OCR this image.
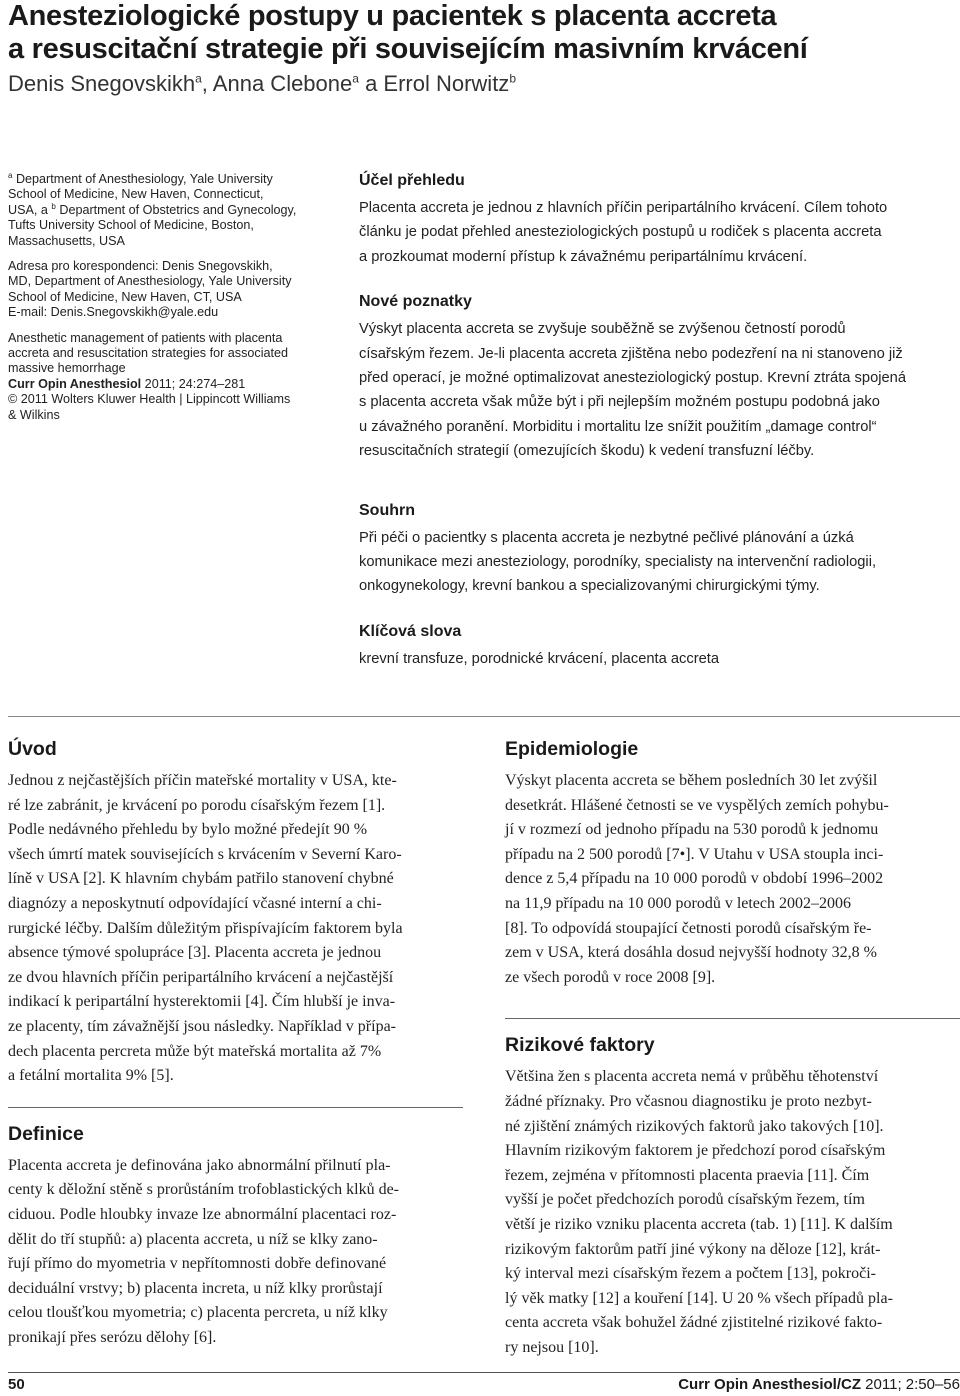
Anesteziologické postupy u pacientek s placenta accreta
a resuscitační strategie při souvisejícím masivním krvácení
Denis Snegovskikh$^a$, Anna Clebone$^a$ a Errol Norwitz$^b$
$^a$ Department of Anesthesiology, Yale University
School of Medicine, New Haven, Connecticut,
USA, a $^b$ Department of Obstetrics and Gynecology,
Tufts University School of Medicine, Boston,
Massachusetts, USA
Adresa pro korespondenci: Denis Snegovskikh,
MD, Department of Anesthesiology, Yale University
School of Medicine, New Haven, CT, USA
E-mail: Denis.Snegovskikh@yale.edu
Anesthetic management of patients with placenta
accreta and resuscitation strategies for associated
massive hemorrhage
Curr Opin Anesthesiol 2011; 24:274–281
© 2011 Wolters Kluwer Health | Lippincott Williams
& Wilkins
Účel přehledu
Placenta accreta je jednou z hlavních příčin peripartálního krvácení. Cílem tohoto
článku je podat přehled anesteziologických postupů u rodiček s placenta accreta
a prozkoumat moderní přístup k závažnému peripartálnímu krvácení.
Nové poznatky
Výskyt placenta accreta se zvyšuje souběžně se zvýšenou četností porodů
císařským řezem. Je-li placenta accreta zjištěna nebo podezření na ni stanoveno již
před operací, je možné optimalizovat anesteziologický postup. Krevní ztráta spojená
s placenta accreta však může být i při nejlepším možném postupu podobná jako
u závažného poranění. Morbiditu i mortalitu lze snížit použitím „damage control“
resuscitačních strategií (omezujících škodu) k vedení transfuzní léčby.
Souhrn
Při péči o pacientky s placenta accreta je nezbytné pečlivé plánování a úzká
komunikace mezi anesteziology, porodníky, specialisty na intervenční radiologii,
onkogynekology, krevní bankou a specializovanými chirurgickými týmy.
Klíčová slova
krevní transfuze, porodnické krvácení, placenta accreta
Úvod
Jednou z nejčastějších příčin mateřské mortality v USA, kte-
ré lze zabránit, je krvácení po porodu císařským řezem [1].
Podle nedávného přehledu by bylo možné předejít 90 %
všech úmrtí matek souvisejících s krvácením v Severní Karo-
líně v USA [2]. K hlavním chybám patřilo stanovení chybné
diagnózy a neposkytnutí odpovídající včasné interní a chi-
rurgické léčby. Dalším důležitým přispívajícím faktorem byla
absence týmové spolupráce [3]. Placenta accreta je jednou
ze dvou hlavních příčin peripartálního krvácení a nejčastější
indikací k peripartální hysterektomii [4]. Čím hlubší je inva-
ze placenty, tím závažnější jsou následky. Například v přípa-
dech placenta percreta může být mateřská mortalita až 7%
a fetální mortalita 9% [5].
Definice
Placenta accreta je definována jako abnormální přilnutí pla-
centy k děložní stěně s prorůstáním trofoblastických klků de-
ciduou. Podle hloubky invaze lze abnormální placentaci roz-
dělit do tří stupňů: a) placenta accreta, u níž se klky zano-
řují přímo do myometria v nepřítomnosti dobře definované
deciduální vrstvy; b) placenta increta, u níž klky prorůstají
celou tloušťkou myometria; c) placenta percreta, u níž klky
pronikají přes serózu dělohy [6].
Epidemiologie
Výskyt placenta accreta se během posledních 30 let zvýšil
desetkrát. Hlášené četnosti se ve vyspělých zemích pohybu-
jí v rozmezí od jednoho případu na 530 porodů k jednomu
případu na 2 500 porodů [7•]. V Utahu v USA stoupla inci-
dence z 5,4 případu na 10 000 porodů v období 1996–2002
na 11,9 případu na 10 000 porodů v letech 2002–2006
[8]. To odpovídá stoupající četnosti porodů císařským ře-
zem v USA, která dosáhla dosud nejvyšší hodnoty 32,8 %
ze všech porodů v roce 2008 [9].
Rizikové faktory
Většina žen s placenta accreta nemá v průběhu těhotenství
žádné příznaky. Pro včasnou diagnostiku je proto nezbyt-
né zjištění známých rizikových faktorů jako takových [10].
Hlavním rizikovým faktorem je předchozí porod císařským
řezem, zejména v přítomnosti placenta praevia [11]. Čím
vyšší je počet předchozích porodů císařským řezem, tím
větší je riziko vzniku placenta accreta (tab. 1) [11]. K dalším
rizikovým faktorům patří jiné výkony na děloze [12], krát-
ký interval mezi císařským řezem a počtem [13], pokroči-
lý věk matky [12] a kouření [14]. U 20 % všech případů pla-
centa accreta však bohužel žádné zjistitelné rizikové fakto-
ry nejsou [10].
50	Curr Opin Anesthesiol/CZ 2011; 2:50–56
